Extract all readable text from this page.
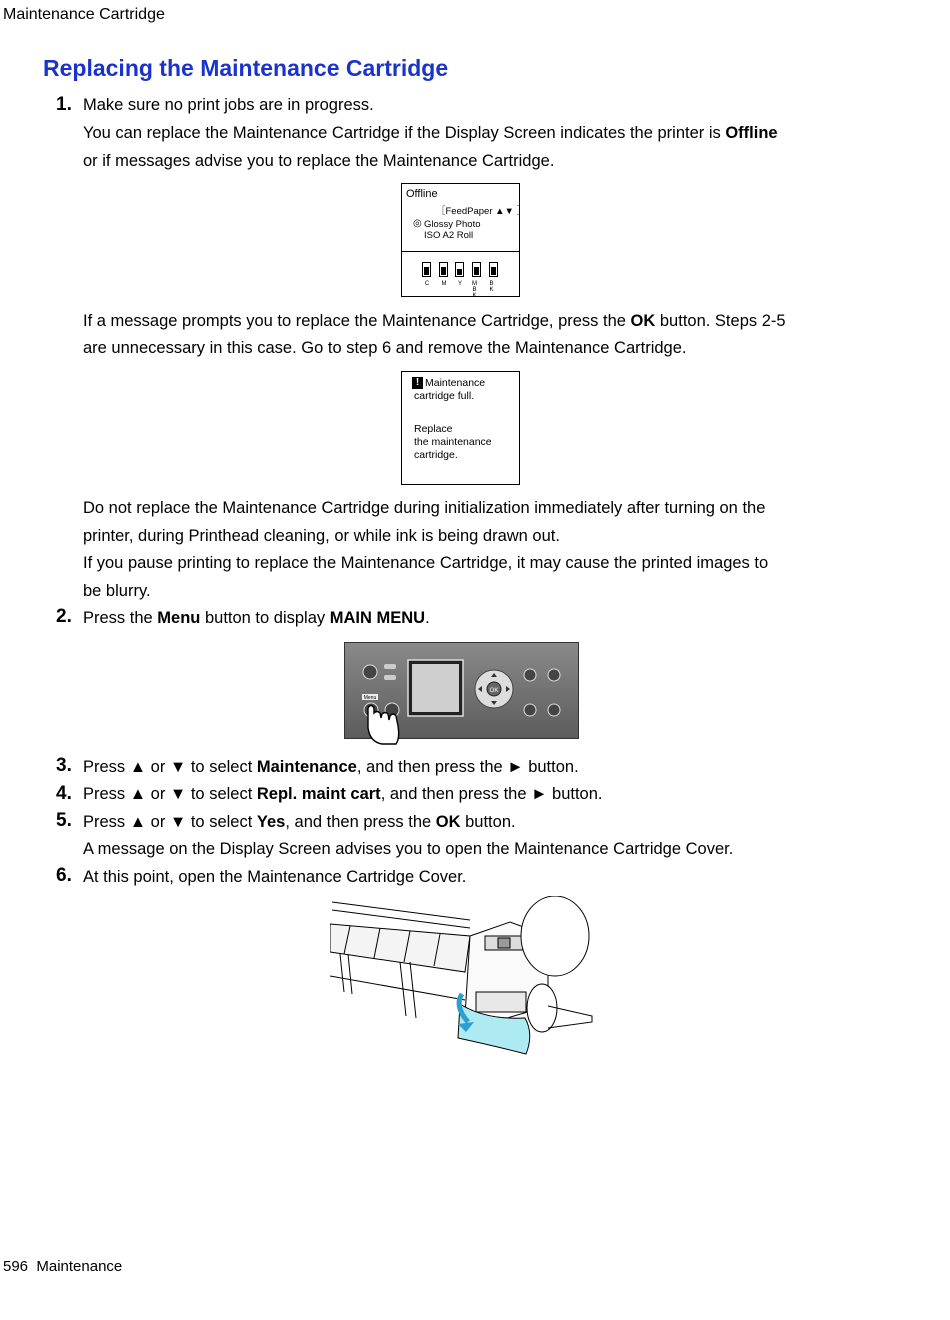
Maintenance Cartridge
Replacing the Maintenance Cartridge
1. Make sure no print jobs are in progress.
You can replace the Maintenance Cartridge if the Display Screen indicates the printer is Offline
or if messages advise you to replace the Maintenance Cartridge.
Offline
［FeedPaper ▲▼ ］
◎ Glossy Photo
ISO A2 Roll
C	M	Y	MBK
BK
If a message prompts you to replace the Maintenance Cartridge, press the OK button. Steps 2-5
are unnecessary in this case. Go to step 6 and remove the Maintenance Cartridge.
! Maintenance
cartridge full.
Replace
the maintenance
cartridge.
Do not replace the Maintenance Cartridge during initialization immediately after turning on the
printer, during Printhead cleaning, or while ink is being drawn out.
If you pause printing to replace the Maintenance Cartridge, it may cause the printed images to
be blurry.
2. Press the Menu button to display MAIN MENU.
Menu
OK
3. Press ▲ or ▼ to select Maintenance, and then press the ► button.
4. Press ▲ or ▼ to select Repl. maint cart, and then press the ► button.
5. Press ▲ or ▼ to select Yes, and then press the OK button.
A message on the Display Screen advises you to open the Maintenance Cartridge Cover.
6. At this point, open the Maintenance Cartridge Cover.
596 Maintenance
